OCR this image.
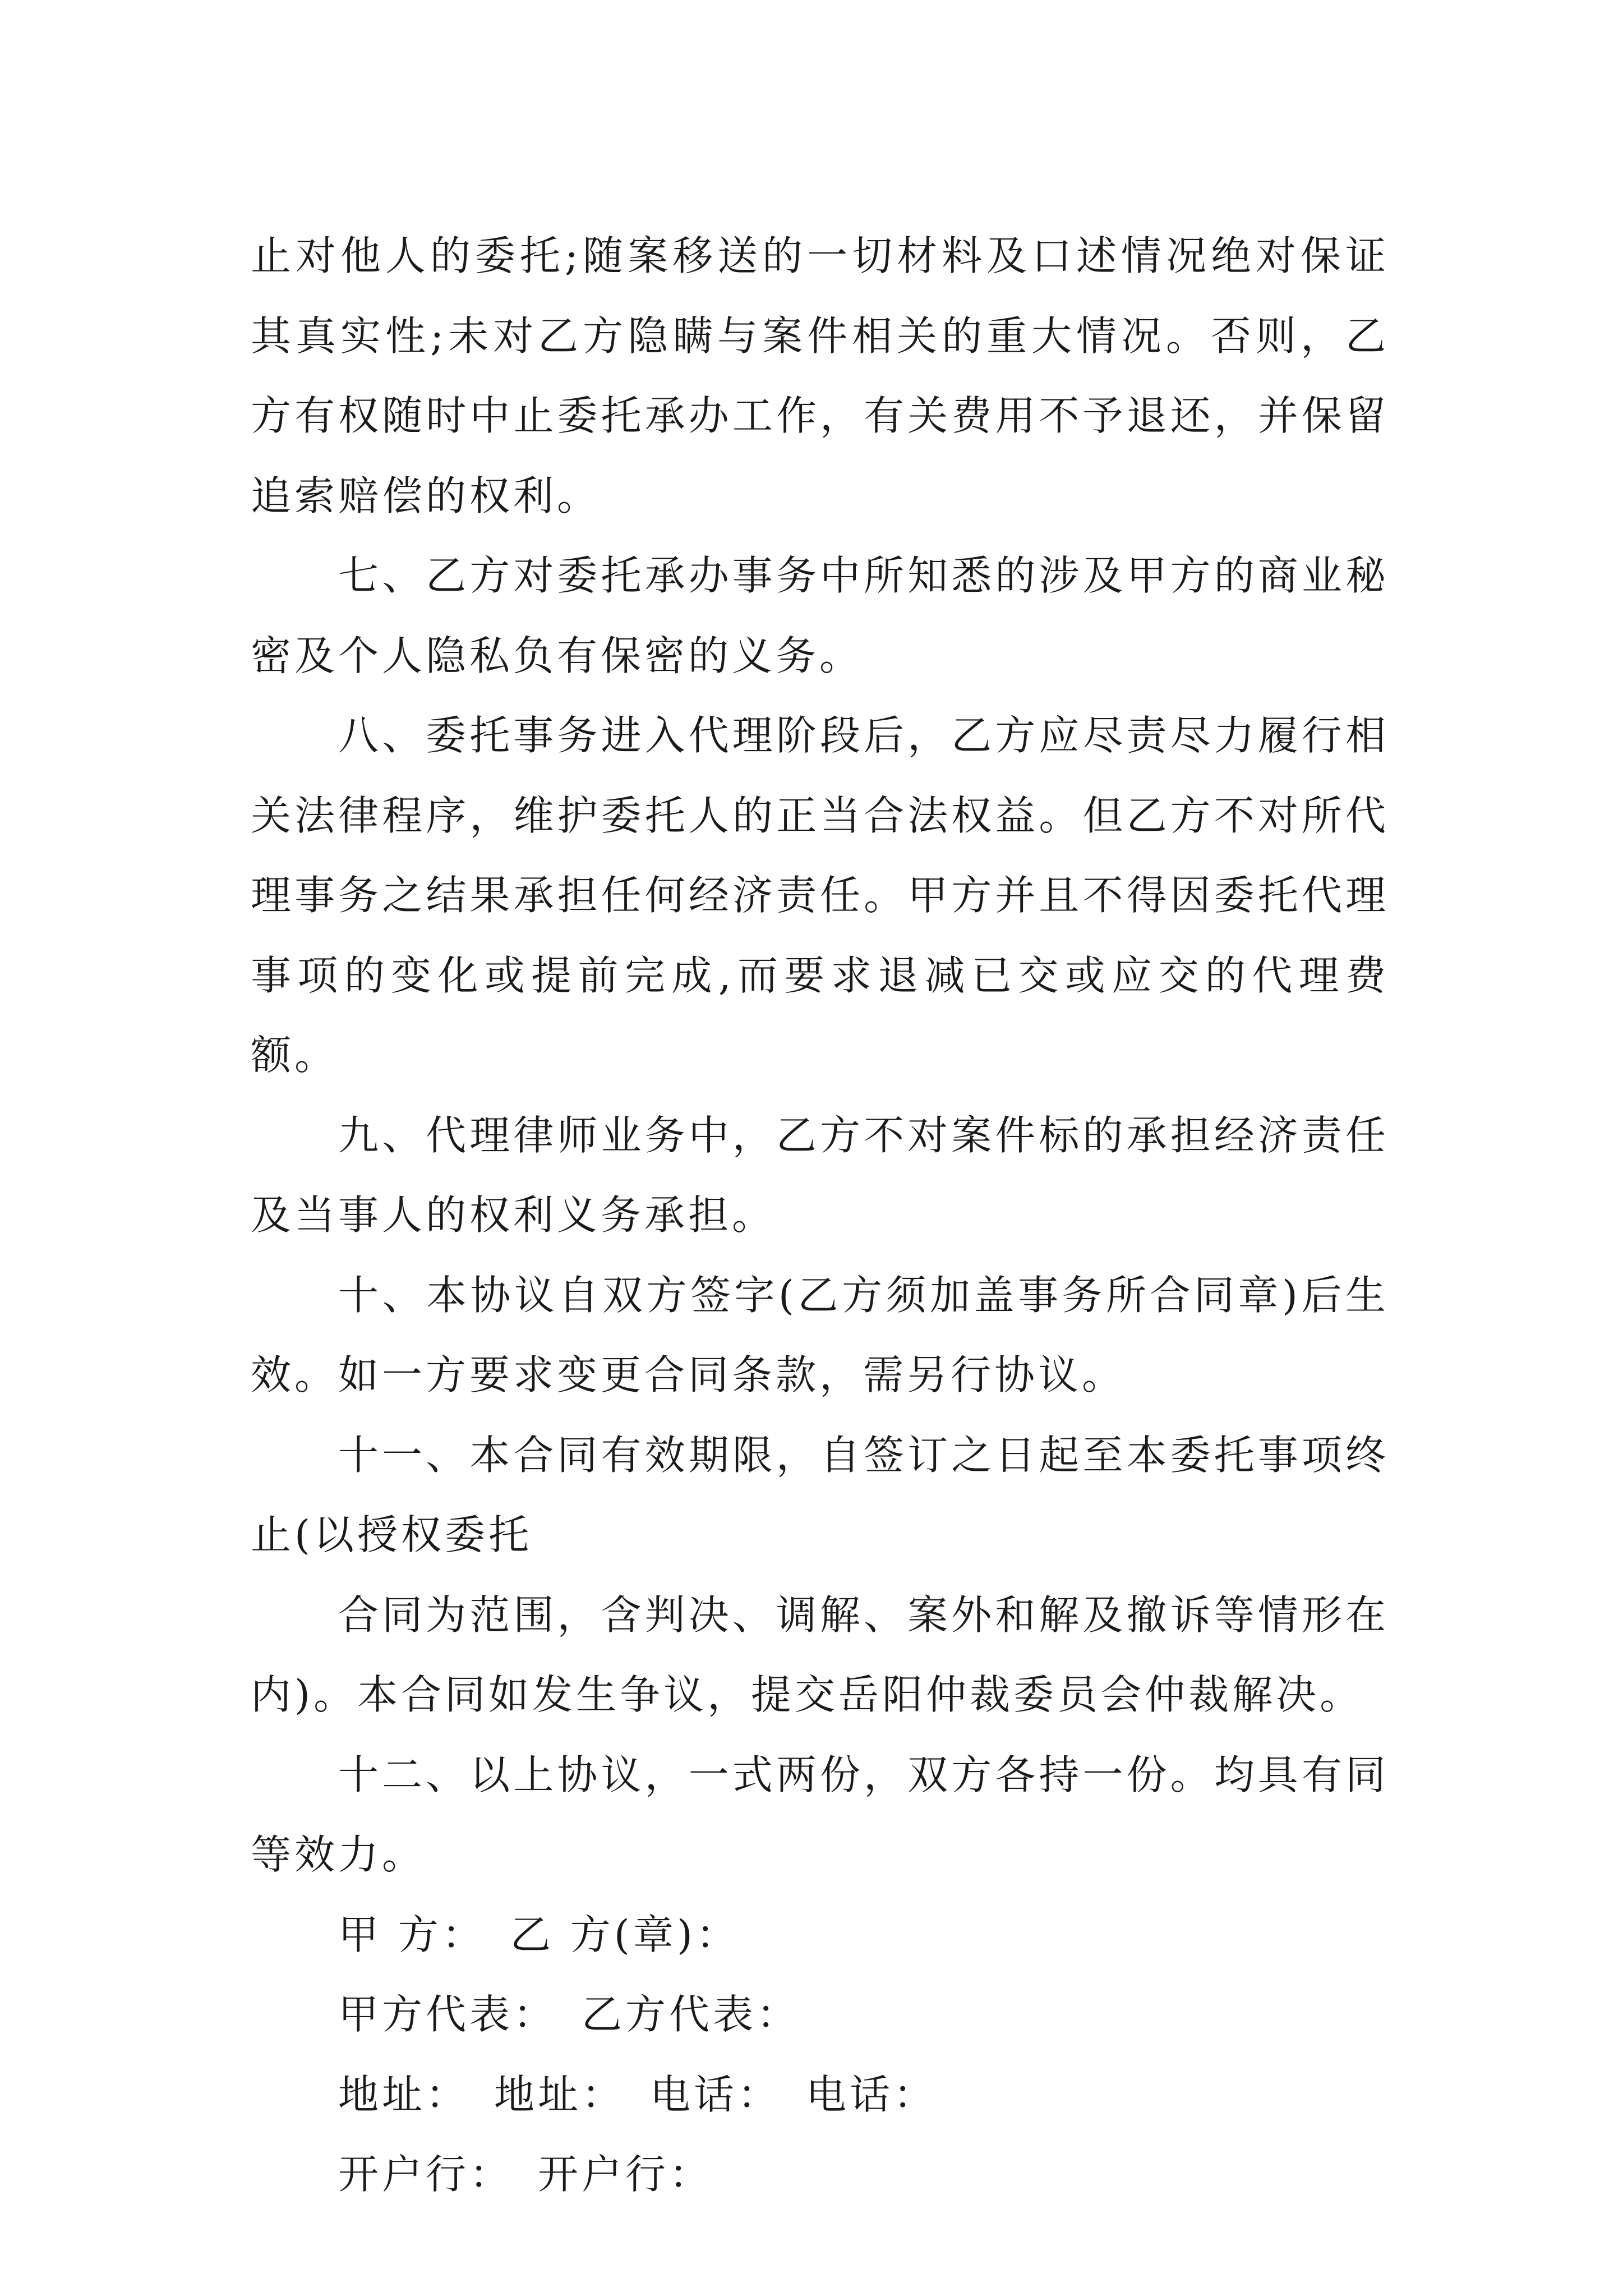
止对他人的委托;随案移送的一切材料及口述情况绝对保证其真实性;未对乙方隐瞒与案件相关的重大情况。否则，乙方有权随时中止委托承办工作，有关费用不予退还，并保留追索赔偿的权利。

七、乙方对委托承办事务中所知悉的涉及甲方的商业秘密及个人隐私负有保密的义务。

八、委托事务进入代理阶段后，乙方应尽责尽力履行相关法律程序，维护委托人的正当合法权益。但乙方不对所代理事务之结果承担任何经济责任。甲方并且不得因委托代理事项的变化或提前完成,而要求退减已交或应交的代理费额。

九、代理律师业务中，乙方不对案件标的承担经济责任及当事人的权利义务承担。

十、本协议自双方签字(乙方须加盖事务所合同章)后生效。如一方要求变更合同条款，需另行协议。

十一、本合同有效期限，自签订之日起至本委托事项终止(以授权委托

合同为范围，含判决、调解、案外和解及撤诉等情形在内)。本合同如发生争议，提交岳阳仲裁委员会仲裁解决。

十二、以上协议，一式两份，双方各持一份。均具有同等效力。

甲 方： 乙 方(章)：
甲方代表： 乙方代表：
地址： 地址： 电话： 电话：
开户行： 开户行：
